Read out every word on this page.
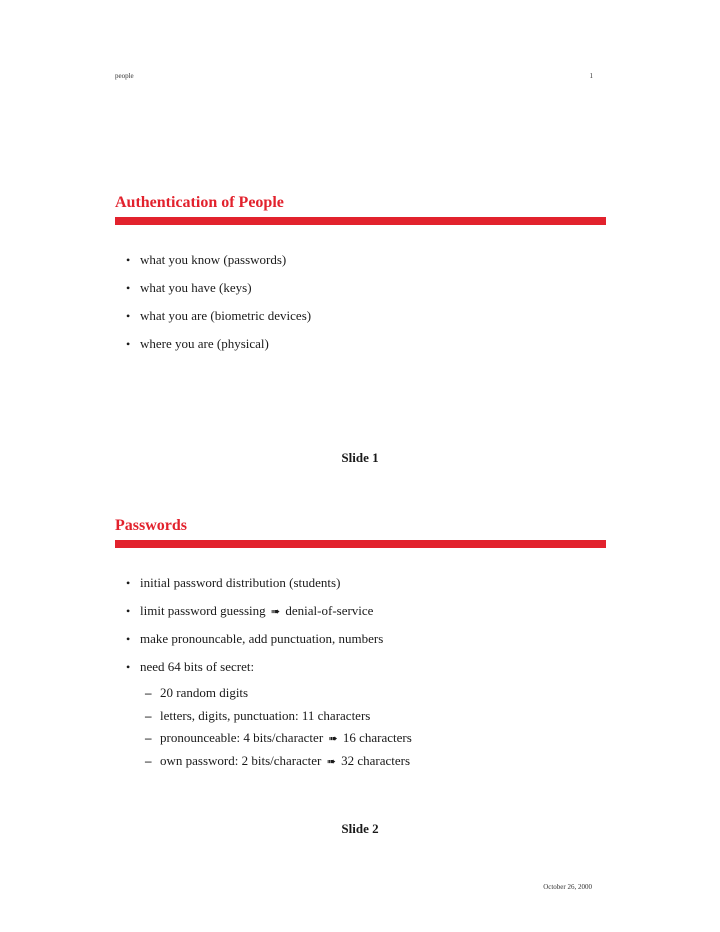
people	1
Authentication of People
• what you know (passwords)
• what you have (keys)
• what you are (biometric devices)
• where you are (physical)
Slide 1
Passwords
• initial password distribution (students)
• limit password guessing ➠ denial-of-service
• make pronouncable, add punctuation, numbers
• need 64 bits of secret:
– 20 random digits
– letters, digits, punctuation: 11 characters
– pronounceable: 4 bits/character ➠ 16 characters
– own password: 2 bits/character ➠ 32 characters
Slide 2
October 26, 2000
